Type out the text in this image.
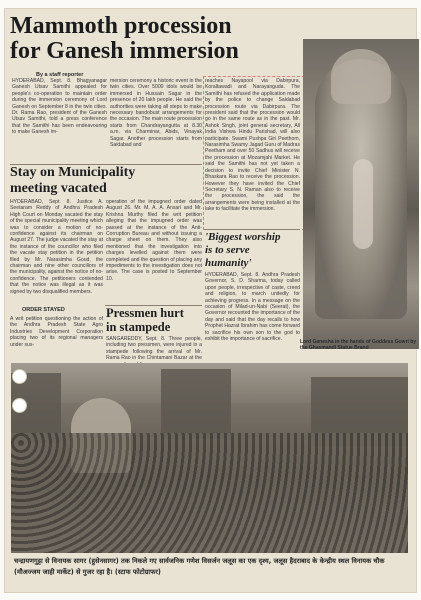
Mammoth procession
for Ganesh immersion
By a staff reporter
HYDERABAD, Sept. 8. Bhagyanagar Ganesh Utsav Samithi appealed for people's co-operation to maintain order during the immersion ceremony of Lord Ganesh on September 8 in the twin cities. Dr. Rama Rao, president of the Ganesh Utsav Samithi, told a press conference that the Samithi has been endeavouring to make Ganesh im-
mersion ceremony a historic event in the twin cities. Over 5000 idols would be immersed in Hussain Sagar in the presence of 20 lakh people. He said the authorities were taking all steps to make necessary bandobust arrangements for the occasion. The main route procession starts from Chandrayangutta at 8.30 a.m. via Charminar, Abids, Vinayak Sagar. Another procession starts from Saidabad and
reaches Nayapool via Dabirpura, Koraltawadi and Narayanguda. The Samithi has refused the application made by the police to change Saidabad procession route via Dabirpura. The president said that the procession would go in the same route as in the past. Mr. Ashok Singh, joint general secretary, All India Vishwa Hindu Parishad, will also participate. Swami Pushpa Giri Peethom, Narasimha Swamy Jagad Guru of Madras Peetham and over 50 Sadhus will receive the procession at Mozamjahi Market. He said the Samithi has not yet taken a decision to invite Chief Minister N. Bhaskara Rao to receive the procession. However they have invited the Chief Secretary S. N. Raman also to receive the procession, the said the arrangements were being installed at the lake to facilitate the immersion.
Stay on Municipality
meeting vacated
HYDERABAD, Sept. 8. Justice A. Seetaram Reddy of Andhra Pradesh High Court on Monday vacated the stay of the special municipality meeting which was to consider a motion of no-confidence against its chairman on August 27. The judge vacated the stay at the instance of the councillor who filed the vacate stay petition in the petition filed by Mr. Narasimha Goud, the chairman and nine other councillors of the municipality, against the notice of no-confidence. The petitioners contended that the notice was illegal as it was signed by two disqualified members.
ORDER STAYED
A writ petition questioning the action of the Andhra Pradesh State Agro Industries Development Corporation placing two of its regional managers under sus-
operation of the impugned order dated August 26. Mr. M. A. A. Ansari and Mr. Krishna Murthy filed the writ petition alleging that the impugned order was passed at the instance of the Anti-Corruption Bureau and without issuing a charge sheet on them. They also mentioned that the investigation into charges levelled against them were completed and the question of placing any impediments to the investigation does not arise. The case is posted to September 10.
Pressmen hurt
in stampede
SANGAREDDY, Sept. 8. Three people, including two pressmen, were injured in a stampede following the arrival of Mr. Rama Rao in the Chintamani Bazar at the
'Biggest worship
is to serve
humanity'
HYDERABAD, Sept. 8. Andhra Pradesh Governor, S. D. Sharma, today called upon people, irrespective of caste, creed and religion, to march unitedly for achieving progress. In a message on the occasion of Milad-un-Nabi (Seerat), the Governor recounted the importance of the day and said that the day recalls to how Prophet Hazrat Ibrahim has come forward to sacrifice his own son to the god to exhibit the importance of sacrifice.	Lord Ganesha in the hands of Goddess Gowri by the Ghasmandi Statue Brand
चन्द्रायणगुट्टा से विनायक सागर (हुसेनसागर) तक निकले गए सार्वजनिक गणेश विसर्जन जलूस का एक दृश्य, जलूस हैदराबाद के केन्द्रीय स्थल विनायक चौक (मौअज्जम जाही मार्केट) से गुजर रहा है। (स्टाफ फोटोग्राफर)
